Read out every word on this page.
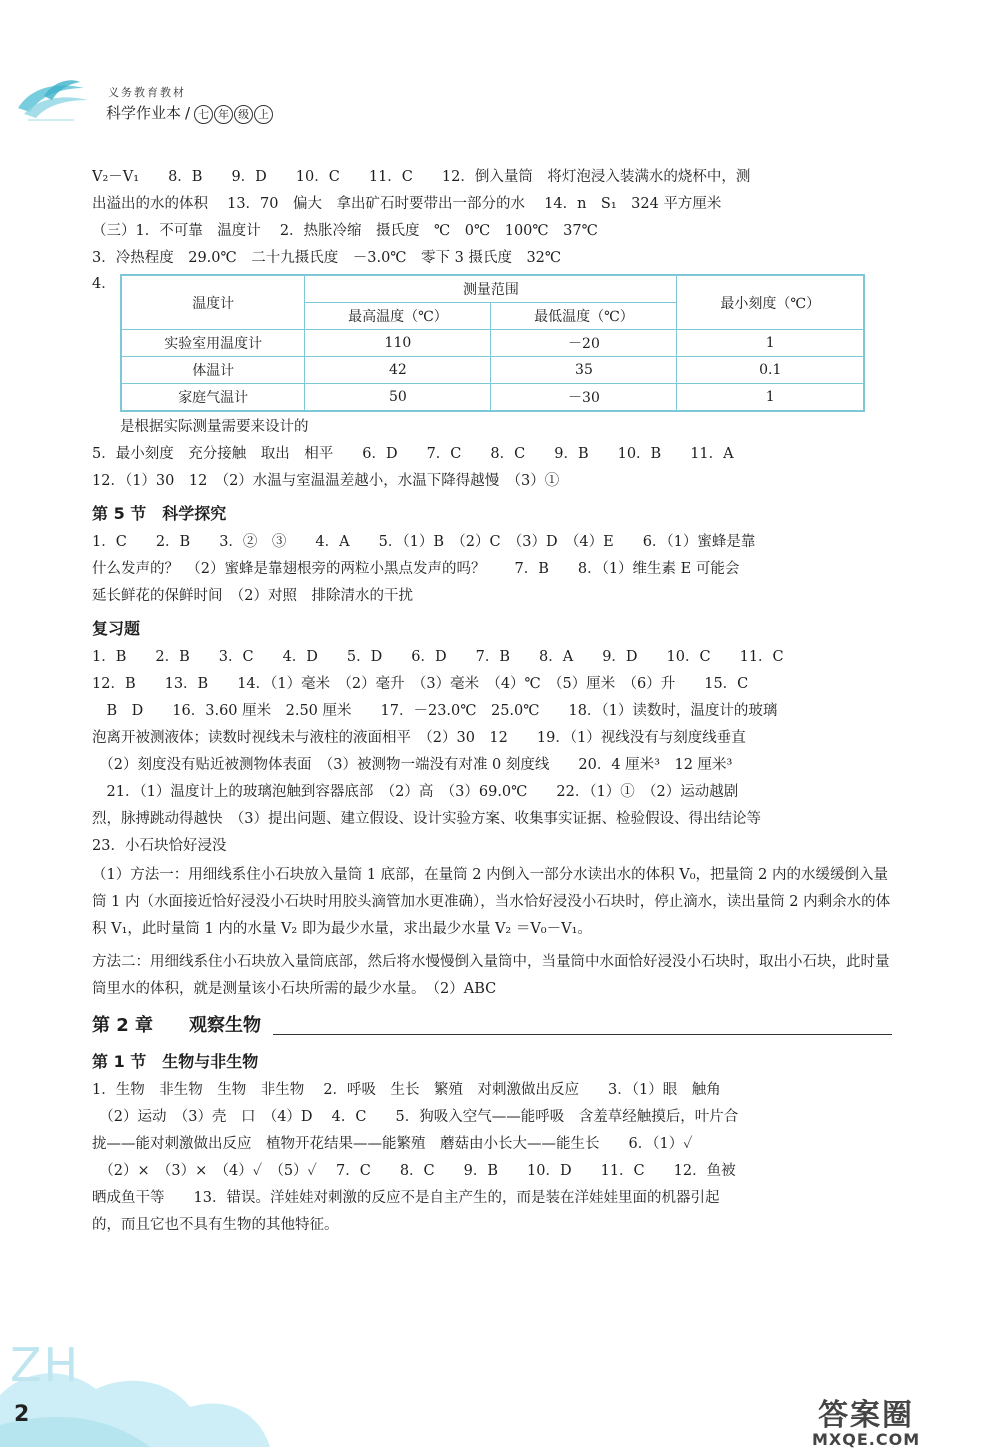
义务教育教材
科学作业本 / 七 年 级 上
V₂－V₁　　8．B　　9．D　　10．C　　11．C　　12．倒入量筒　将灯泡浸入装满水的烧杯中，测
出溢出的水的体积　 13．70　偏大　拿出矿石时要带出一部分的水　 14．n　S₁　324 平方厘米
（三）1．不可靠　温度计　 2．热胀冷缩　摄氏度　℃　0℃　100℃　37℃
3．冷热程度　29.0℃　二十九摄氏度　－3.0℃　零下 3 摄氏度　32℃
4．
温度计	测量范围		最小刻度（℃）
	最高温度（℃）	最低温度（℃）	
实验室用温度计	110	－20	1
体温计	42	35	0.1
家庭气温计	50	－30	1
是根据实际测量需要来设计的
5．最小刻度　充分接触　取出　相平　　6．D　　7．C　　8．C　　9．B　　10．B　　11．A
12．（1）30　12　（2）水温与室温温差越小，水温下降得越慢　（3）①
第 5 节　科学探究
1．C　　2．B　　3．②　③　　4．A　　5．（1）B　（2）C　（3）D　（4）E　　6．（1）蜜蜂是靠
什么发声的？　（2）蜜蜂是靠翅根旁的两粒小黑点发声的吗？　　7．B　　8．（1）维生素 E 可能会
延长鲜花的保鲜时间　（2）对照　排除清水的干扰
复习题
1．B　　2．B　　3．C　　4．D　　5．D　　6．D　　7．B　　8．A　　9．D　　10．C　　11．C
12．B　　13．B　　14．（1）毫米　（2）毫升　（3）毫米　（4）℃　（5）厘米　（6）升　　15．C
　B　D　　16．3.60 厘米　2.50 厘米　　17．－23.0℃　25.0℃　　18．（1）读数时，温度计的玻璃
泡离开被测液体；读数时视线未与液柱的液面相平　（2）30　12　　19．（1）视线没有与刻度线垂直
　（2）刻度没有贴近被测物体表面　（3）被测物一端没有对准 0 刻度线　　20．4 厘米³　12 厘米³
　21．（1）温度计上的玻璃泡触到容器底部　（2）高　（3）69.0℃　　22．（1）①　（2）运动越剧
烈，脉搏跳动得越快　（3）提出问题、建立假设、设计实验方案、收集事实证据、检验假设、得出结论等
23．小石块恰好浸没
（1）方法一：用细线系住小石块放入量筒 1 底部，在量筒 2 内倒入一部分水读出水的体积 V₀，把量筒 2 内的水缓缓倒入量筒 1 内（水面接近恰好浸没小石块时用胶头滴管加水更准确），当水恰好浸没小石块时，停止滴水，读出量筒 2 内剩余水的体积 V₁，此时量筒 1 内的水量 V₂ 即为最少水量，求出最少水量 V₂ ＝V₀－V₁。
方法二：用细线系住小石块放入量筒底部，然后将水慢慢倒入量筒中，当量筒中水面恰好浸没小石块时，取出小石块，此时量筒里水的体积，就是测量该小石块所需的最少水量。　（2）ABC
第 2 章　　观察生物
第 1 节　生物与非生物
1．生物　非生物　生物　非生物　 2．呼吸　生长　繁殖　对刺激做出反应　　3．（1）眼　触角
　（2）运动　（3）壳　口　（4）D　 4．C　　5．狗吸入空气——能呼吸　含羞草经触摸后，叶片合
拢——能对刺激做出反应　植物开花结果——能繁殖　蘑菇由小长大——能生长　　6．（1）✓
　（2）×　（3）×　（4）✓　（5）✓　 7．C　　8．C　　9．B　　10．D　　11．C　　12．鱼被
晒成鱼干等　　13．错误。洋娃娃对刺激的反应不是自主产生的，而是装在洋娃娃里面的机器引起
的，而且它也不具有生物的其他特征。
ZH
2	答案圈
MXQE.COM
